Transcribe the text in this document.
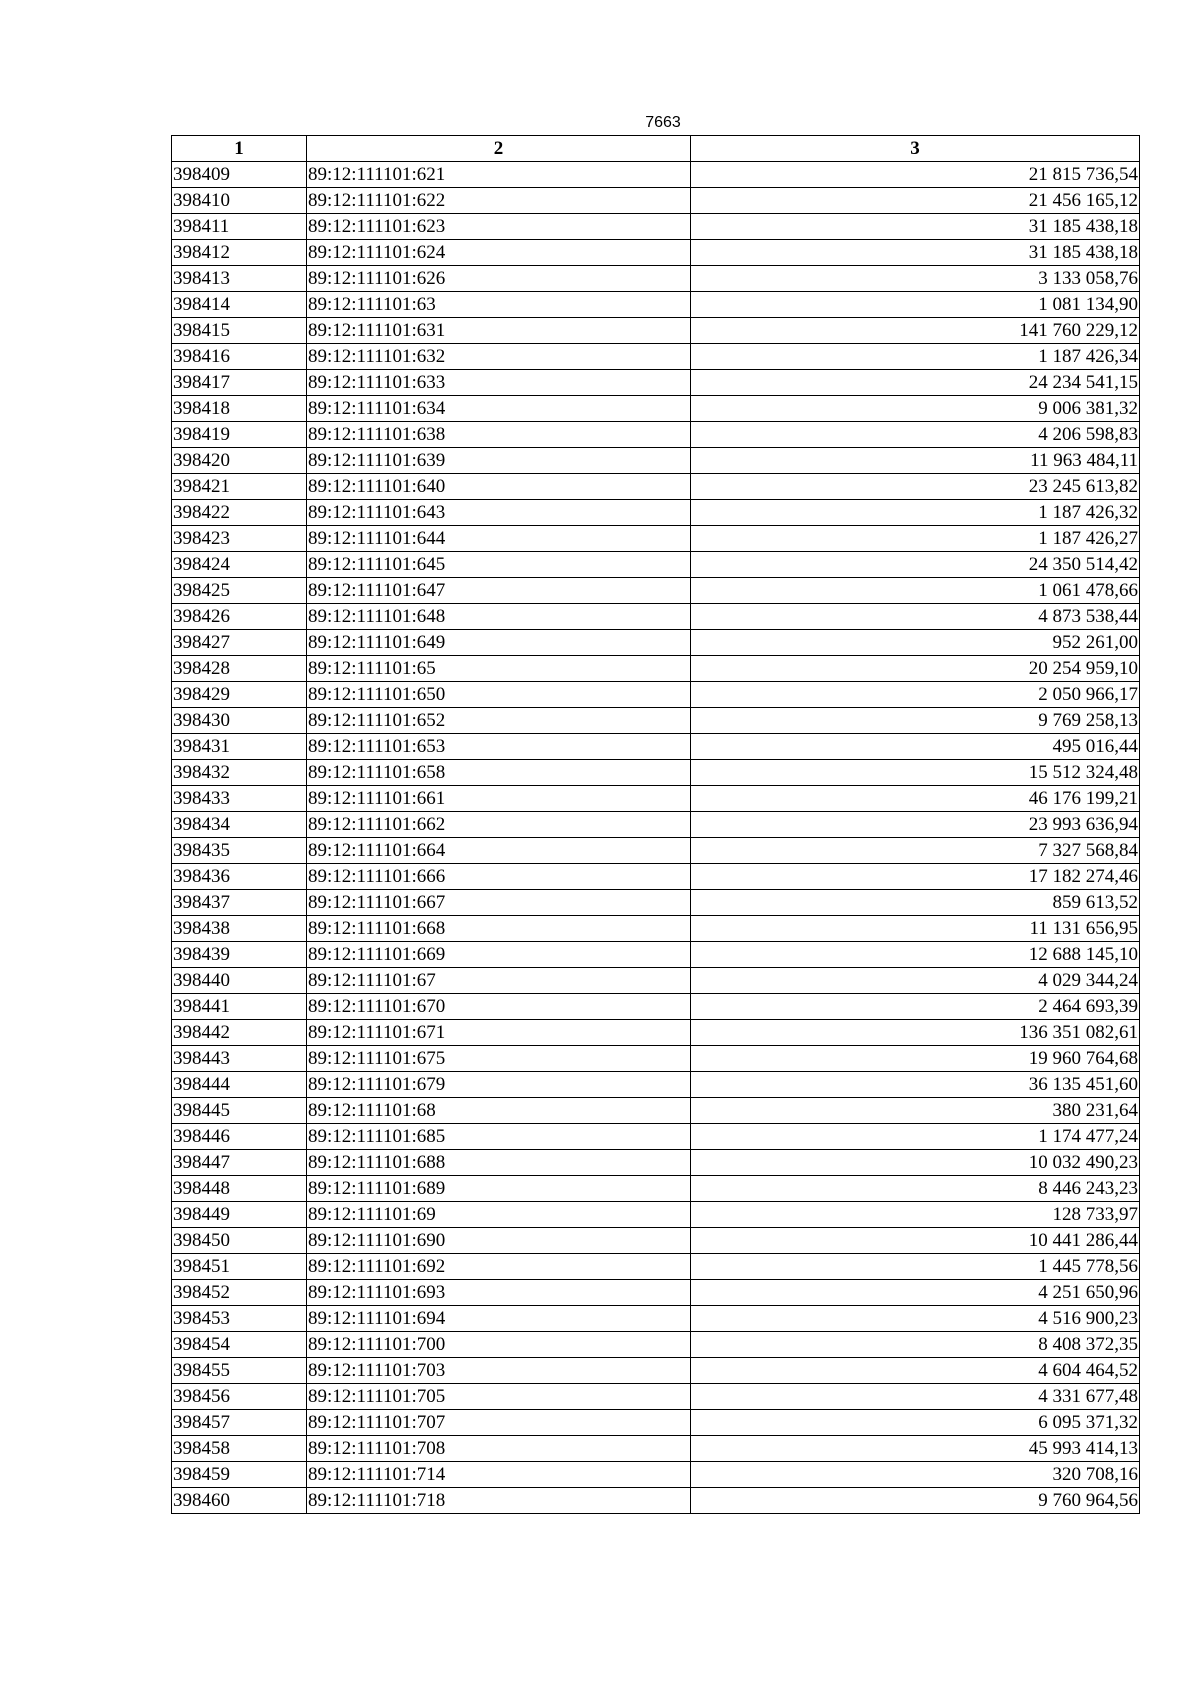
7663
1	2	3
398409	89:12:111101:621	21 815 736,54
398410	89:12:111101:622	21 456 165,12
398411	89:12:111101:623	31 185 438,18
398412	89:12:111101:624	31 185 438,18
398413	89:12:111101:626	3 133 058,76
398414	89:12:111101:63	1 081 134,90
398415	89:12:111101:631	141 760 229,12
398416	89:12:111101:632	1 187 426,34
398417	89:12:111101:633	24 234 541,15
398418	89:12:111101:634	9 006 381,32
398419	89:12:111101:638	4 206 598,83
398420	89:12:111101:639	11 963 484,11
398421	89:12:111101:640	23 245 613,82
398422	89:12:111101:643	1 187 426,32
398423	89:12:111101:644	1 187 426,27
398424	89:12:111101:645	24 350 514,42
398425	89:12:111101:647	1 061 478,66
398426	89:12:111101:648	4 873 538,44
398427	89:12:111101:649	952 261,00
398428	89:12:111101:65	20 254 959,10
398429	89:12:111101:650	2 050 966,17
398430	89:12:111101:652	9 769 258,13
398431	89:12:111101:653	495 016,44
398432	89:12:111101:658	15 512 324,48
398433	89:12:111101:661	46 176 199,21
398434	89:12:111101:662	23 993 636,94
398435	89:12:111101:664	7 327 568,84
398436	89:12:111101:666	17 182 274,46
398437	89:12:111101:667	859 613,52
398438	89:12:111101:668	11 131 656,95
398439	89:12:111101:669	12 688 145,10
398440	89:12:111101:67	4 029 344,24
398441	89:12:111101:670	2 464 693,39
398442	89:12:111101:671	136 351 082,61
398443	89:12:111101:675	19 960 764,68
398444	89:12:111101:679	36 135 451,60
398445	89:12:111101:68	380 231,64
398446	89:12:111101:685	1 174 477,24
398447	89:12:111101:688	10 032 490,23
398448	89:12:111101:689	8 446 243,23
398449	89:12:111101:69	128 733,97
398450	89:12:111101:690	10 441 286,44
398451	89:12:111101:692	1 445 778,56
398452	89:12:111101:693	4 251 650,96
398453	89:12:111101:694	4 516 900,23
398454	89:12:111101:700	8 408 372,35
398455	89:12:111101:703	4 604 464,52
398456	89:12:111101:705	4 331 677,48
398457	89:12:111101:707	6 095 371,32
398458	89:12:111101:708	45 993 414,13
398459	89:12:111101:714	320 708,16
398460	89:12:111101:718	9 760 964,56
